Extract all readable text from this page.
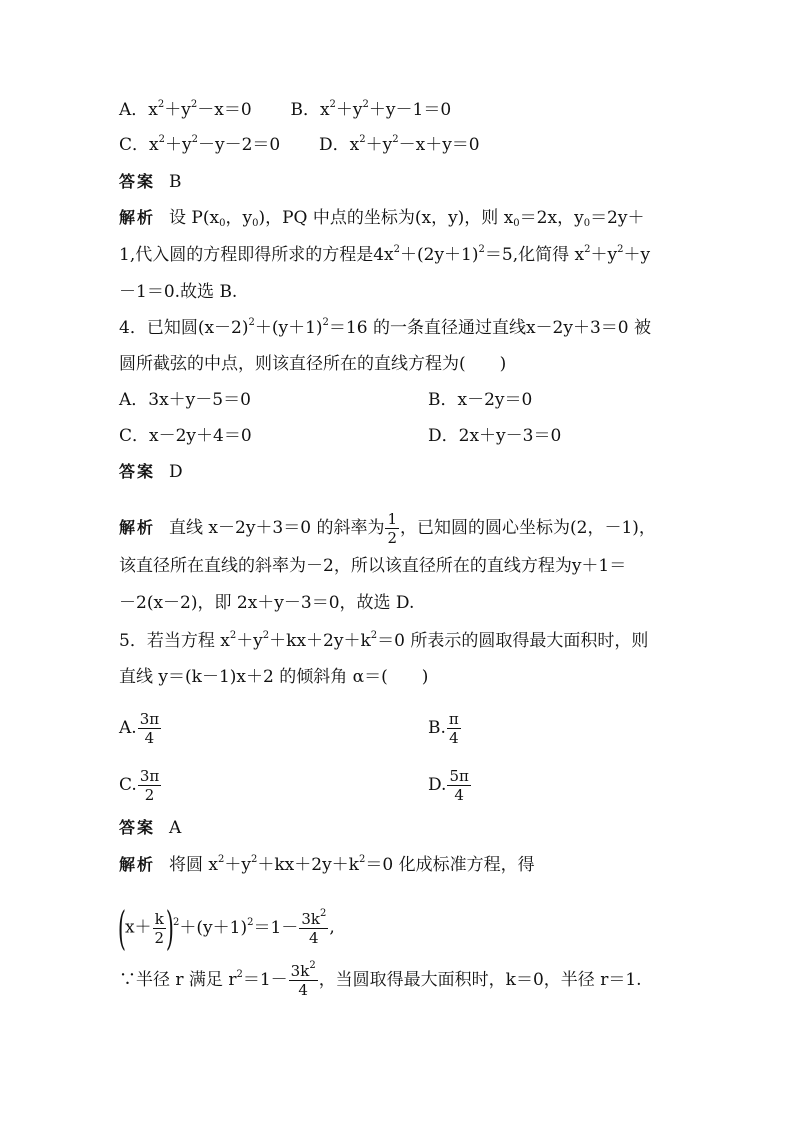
A．$x^2+y^2-x=0$ B．$x^2+y^2+y-1=0$
C．$x^2+y^2-y-2=0$ D．$x^2+y^2-x+y=0$
答案 B
解析 设 $P(x_0$，$y_0$)，PQ 中点的坐标为(x，y)，则 $x_0=2x$，$y_0=2y+$
1,代入圆的方程即得所求的方程是$4x^2+(2y+1)^2=5$,化简得 $x^2+y^2+y$
－1＝0.故选 B.
4．已知圆$(x-2)^2+(y+1)^2=16$ 的一条直径通过直线x－2y＋3＝0 被
圆所截弦的中点，则该直径所在的直线方程为(　　)
A．3x＋y－5＝0	B．x－2y＝0
C．x－2y＋4＝0	D．2x＋y－3＝0
答案 D
解析 直线 x－2y＋3＝0 的斜率为 $\frac{1}{2}$ ，已知圆的圆心坐标为(2，－1)，
该直径所在直线的斜率为－2，所以该直径所在的直线方程为y＋1＝
－2(x－2)，即 2x＋y－3＝0，故选 D.
5．若当方程 $x^2+y^2+kx+2y+k^2=0$ 所表示的圆取得最大面积时，则
直线 y＝(k－1)x＋2 的倾斜角 α＝(　　)
A. $\frac{3\pi}{4}$	B. $\frac{\pi}{4}$
C. $\frac{3\pi}{2}$	D. $\frac{5\pi}{4}$
答案 A
解析 将圆 $x^2+y^2+kx+2y+k^2=0$ 化成标准方程，得
$(x+ \frac{k}{2} )^2+(y+1)^2=1- \frac{3k^2}{4}$ ,
∵半径 r 满足 $r^2=1- \frac{3k^2}{4}$ ，当圆取得最大面积时，k＝0，半径 r＝1.
